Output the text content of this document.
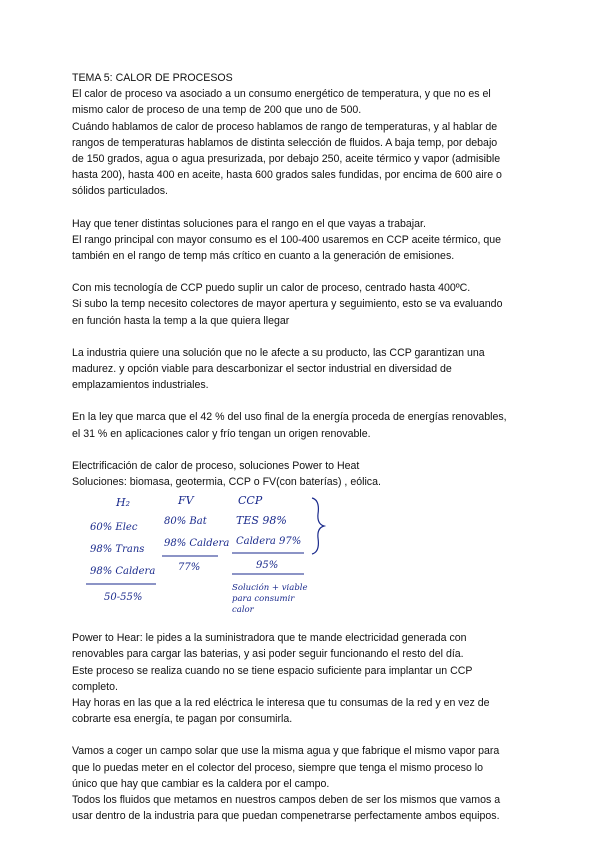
TEMA 5: CALOR DE PROCESOS

El calor de proceso va asociado a un consumo energético de temperatura, y que no es el

mismo calor de proceso de una temp de 200 que uno de 500.

Cuándo hablamos de calor de proceso hablamos de rango de temperaturas, y al hablar de

rangos de temperaturas hablamos de distinta selección de fluidos. A baja temp, por debajo

de 150 grados, agua o agua presurizada, por debajo 250, aceite térmico y vapor (admisible

hasta 200), hasta 400 en aceite, hasta 600 grados sales fundidas, por encima de 600 aire o

sólidos particulados.

Hay que tener distintas soluciones para el rango en el que vayas a trabajar.

El rango principal con mayor consumo es el 100-400 usaremos en CCP aceite térmico, que

también en el rango de temp más crítico en cuanto a la generación de emisiones.

Con mis tecnología de CCP puedo suplir un calor de proceso, centrado hasta 400ºC.

Si subo la temp necesito colectores de mayor apertura y seguimiento, esto se va evaluando

en función hasta la temp a la que quiera llegar

La industria quiere una solución que no le afecte a su producto, las CCP garantizan una

madurez. y opción viable para descarbonizar el sector industrial en diversidad de

emplazamientos industriales.

En la ley que marca que el 42 % del uso final de la energía proceda de energías renovables,

el 31 % en aplicaciones calor y frío tengan un origen renovable.

Electrificación de calor de proceso, soluciones Power to Heat

Soluciones: biomasa, geotermia, CCP o FV(con baterías) , eólica.

H₂
60% Elec
98% Trans
98% Caldera
50-55%
FV
80% Bat
98% Caldera
77%
CCP
TES 98%
Caldera 97%
95%
Solución + viable
para consumir
calor

Power to Hear: le pides a la suministradora que te mande electricidad generada con

renovables para cargar las baterias, y asi poder seguir funcionando el resto del día.

Este proceso se realiza cuando no se tiene espacio suficiente para implantar un CCP

completo.

Hay horas en las que a la red eléctrica le interesa que tu consumas de la red y en vez de

cobrarte esa energía, te pagan por consumirla.

Vamos a coger un campo solar que use la misma agua y que fabrique el mismo vapor para

que lo puedas meter en el colector del proceso, siempre que tenga el mismo proceso lo

único que hay que cambiar es la caldera por el campo.

Todos los fluidos que metamos en nuestros campos deben de ser los mismos que vamos a

usar dentro de la industria para que puedan compenetrarse perfectamente ambos equipos.
